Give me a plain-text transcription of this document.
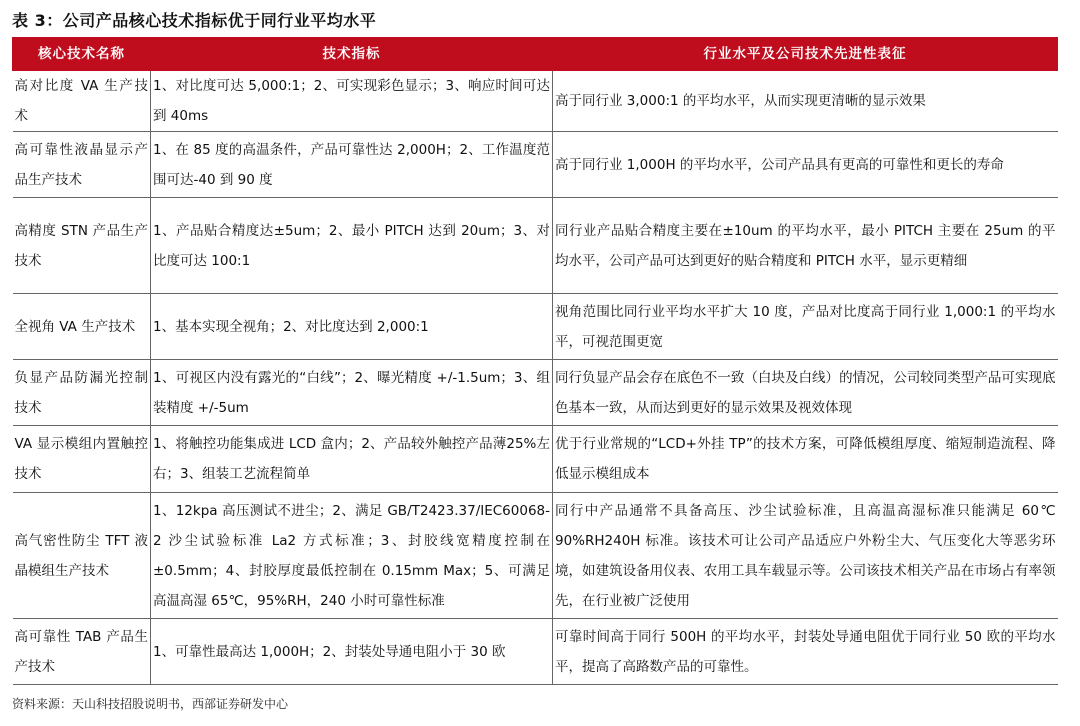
表 3：公司产品核心技术指标优于同行业平均水平
核心技术名称	技术指标	行业水平及公司技术先进性表征
高对比度 VA 生产技术	1、对比度可达 5,000:1；2、可实现彩色显示；3、响应时间可达到 40ms	高于同行业 3,000:1 的平均水平，从而实现更清晰的显示效果
高可靠性液晶显示产品生产技术	1、在 85 度的高温条件，产品可靠性达 2,000H；2、工作温度范围可达-40 到 90 度	高于同行业 1,000H 的平均水平，公司产品具有更高的可靠性和更长的寿命
高精度 STN 产品生产技术	1、产品贴合精度达±5um；2、最小 PITCH 达到 20um；3、对比度可达 100:1	同行业产品贴合精度主要在±10um 的平均水平，最小 PITCH 主要在 25um 的平均水平，公司产品可达到更好的贴合精度和 PITCH 水平，显示更精细
全视角 VA 生产技术	1、基本实现全视角；2、对比度达到 2,000:1	视角范围比同行业平均水平扩大 10 度，产品对比度高于同行业 1,000:1 的平均水平，可视范围更宽
负显产品防漏光控制技术	1、可视区内没有露光的“白线”；2、曝光精度 +/-1.5um；3、组装精度 +/-5um	同行负显产品会存在底色不一致（白块及白线）的情况，公司较同类型产品可实现底色基本一致，从而达到更好的显示效果及视效体现
VA 显示模组内置触控技术	1、将触控功能集成进 LCD 盒内；2、产品较外触控产品薄25%左右；3、组装工艺流程简单	优于行业常规的“LCD+外挂 TP”的技术方案，可降低模组厚度、缩短制造流程、降低显示模组成本
高气密性防尘 TFT 液晶模组生产技术	1、12kpa 高压测试不进尘；2、满足 GB/T2423.37/IEC60068-2 沙尘试验标准 La2 方式标准；3、封胶线宽精度控制在±0.5mm；4、封胶厚度最低控制在 0.15mm Max；5、可满足高温高湿 65℃，95%RH，240 小时可靠性标准	同行中产品通常不具备高压、沙尘试验标准，且高温高湿标准只能满足 60℃ 90%RH240H 标准。该技术可让公司产品适应户外粉尘大、气压变化大等恶劣环境，如建筑设备用仪表、农用工具车载显示等。公司该技术相关产品在市场占有率领先，在行业被广泛使用
高可靠性 TAB 产品生产技术	1、可靠性最高达 1,000H；2、封装处导通电阻小于 30 欧	可靠时间高于同行 500H 的平均水平，封装处导通电阻优于同行业 50 欧的平均水平，提高了高路数产品的可靠性。
资料来源：天山科技招股说明书，西部证券研发中心
